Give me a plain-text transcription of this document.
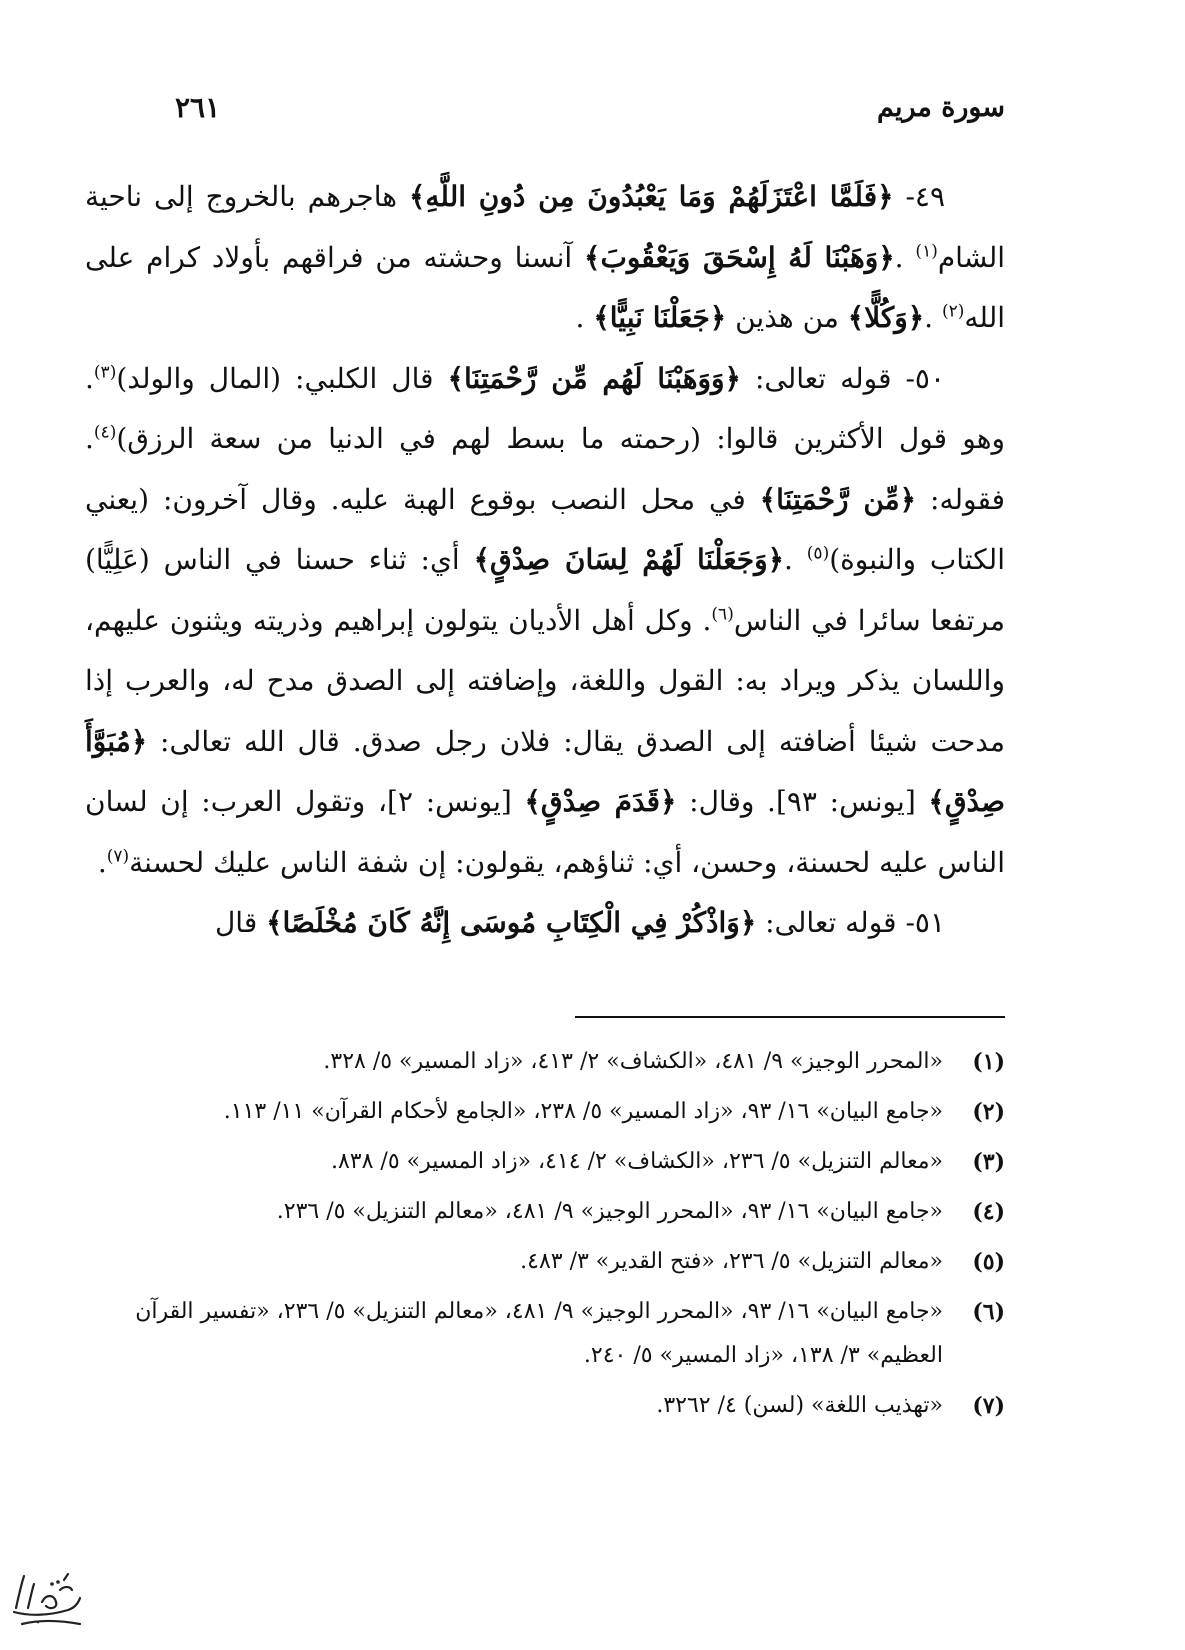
سورة مريم
٢٦١

٤٩- ﴿فَلَمَّا اعْتَزَلَهُمْ وَمَا يَعْبُدُونَ مِن دُونِ اللَّهِ﴾ هاجرهم بالخروج إلى ناحية الشام$^{(١)}$ .﴿وَهَبْنَا لَهُ إِسْحَقَ وَيَعْقُوبَ﴾ آنسنا وحشته من فراقهم بأولاد كرام على الله$^{(٢)}$ .﴿وَكُلًّا﴾ من هذين ﴿جَعَلْنَا نَبِيًّا﴾ .

٥٠- قوله تعالى: ﴿وَوَهَبْنَا لَهُم مِّن رَّحْمَتِنَا﴾ قال الكلبي: (المال والولد)$^{(٣)}$. وهو قول الأكثرين قالوا: (رحمته ما بسط لهم في الدنيا من سعة الرزق)$^{(٤)}$. فقوله: ﴿مِّن رَّحْمَتِنَا﴾ في محل النصب بوقوع الهبة عليه. وقال آخرون: (يعني الكتاب والنبوة)$^{(٥)}$ .﴿وَجَعَلْنَا لَهُمْ لِسَانَ صِدْقٍ﴾ أي: ثناء حسنا في الناس (عَلِيًّا) مرتفعا سائرا في الناس$^{(٦)}$. وكل أهل الأديان يتولون إبراهيم وذريته ويثنون عليهم، واللسان يذكر ويراد به: القول واللغة، وإضافته إلى الصدق مدح له، والعرب إذا مدحت شيئا أضافته إلى الصدق يقال: فلان رجل صدق. قال الله تعالى: ﴿مُبَوَّأَ صِدْقٍ﴾ [يونس: ٩٣]. وقال: ﴿قَدَمَ صِدْقٍ﴾ [يونس: ٢]، وتقول العرب: إن لسان الناس عليه لحسنة، وحسن، أي: ثناؤهم، يقولون: إن شفة الناس عليك لحسنة$^{(٧)}$.

٥١- قوله تعالى: ﴿وَاذْكُرْ فِي الْكِتَابِ مُوسَى إِنَّهُ كَانَ مُخْلَصًا﴾ قال

(١)
«المحرر الوجيز» ٩/ ٤٨١، «الكشاف» ٢/ ٤١٣، «زاد المسير» ٥/ ٣٢٨.
(٢)
«جامع البيان» ١٦/ ٩٣، «زاد المسير» ٥/ ٢٣٨، «الجامع لأحكام القرآن» ١١/ ١١٣.
(٣)
«معالم التنزيل» ٥/ ٢٣٦، «الكشاف» ٢/ ٤١٤، «زاد المسير» ٥/ ٨٣٨.
(٤)
«جامع البيان» ١٦/ ٩٣، «المحرر الوجيز» ٩/ ٤٨١، «معالم التنزيل» ٥/ ٢٣٦.
(٥)
«معالم التنزيل» ٥/ ٢٣٦، «فتح القدير» ٣/ ٤٨٣.
(٦)
«جامع البيان» ١٦/ ٩٣، «المحرر الوجيز» ٩/ ٤٨١، «معالم التنزيل» ٥/ ٢٣٦، «تفسير القرآن العظيم» ٣/ ١٣٨، «زاد المسير» ٥/ ٢٤٠.
(٧)
«تهذيب اللغة» (لسن) ٤/ ٣٢٦٢.
